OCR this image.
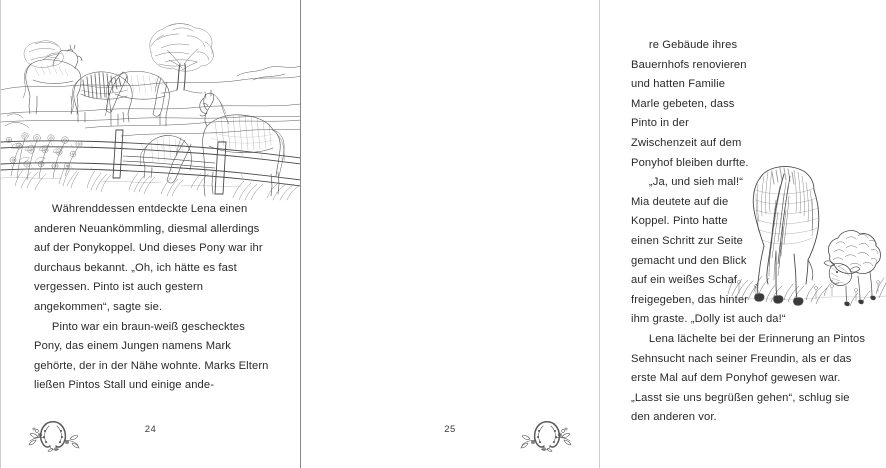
Währenddessen entdeckte Lena einen anderen Neuankömmling, diesmal allerdings auf der Ponykoppel. Und dieses Pony war ihr durchaus bekannt. „Oh, ich hätte es fast vergessen. Pinto ist auch gestern angekommen“, sagte sie.

Pinto war ein braun-weiß geschecktes Pony, das einem Jungen namens Mark gehörte, der in der Nähe wohnte. Marks Eltern ließen Pintos Stall und einige ande-

24

re Gebäude ihres Bauernhofs renovieren und hatten Familie Marle gebeten, dass Pinto in der Zwischenzeit auf dem Ponyhof bleiben durfte.

„Ja, und sieh mal!“ Mia deutete auf die Koppel. Pinto hatte einen Schritt zur Seite gemacht und den Blick auf ein weißes Schaf freigegeben, das hinter ihm graste. „Dolly ist auch da!“

Lena lächelte bei der Erinnerung an Pintos Sehnsucht nach seiner Freundin, als er das erste Mal auf dem Ponyhof gewesen war. „Lasst sie uns begrüßen gehen“, schlug sie den anderen vor.

25
